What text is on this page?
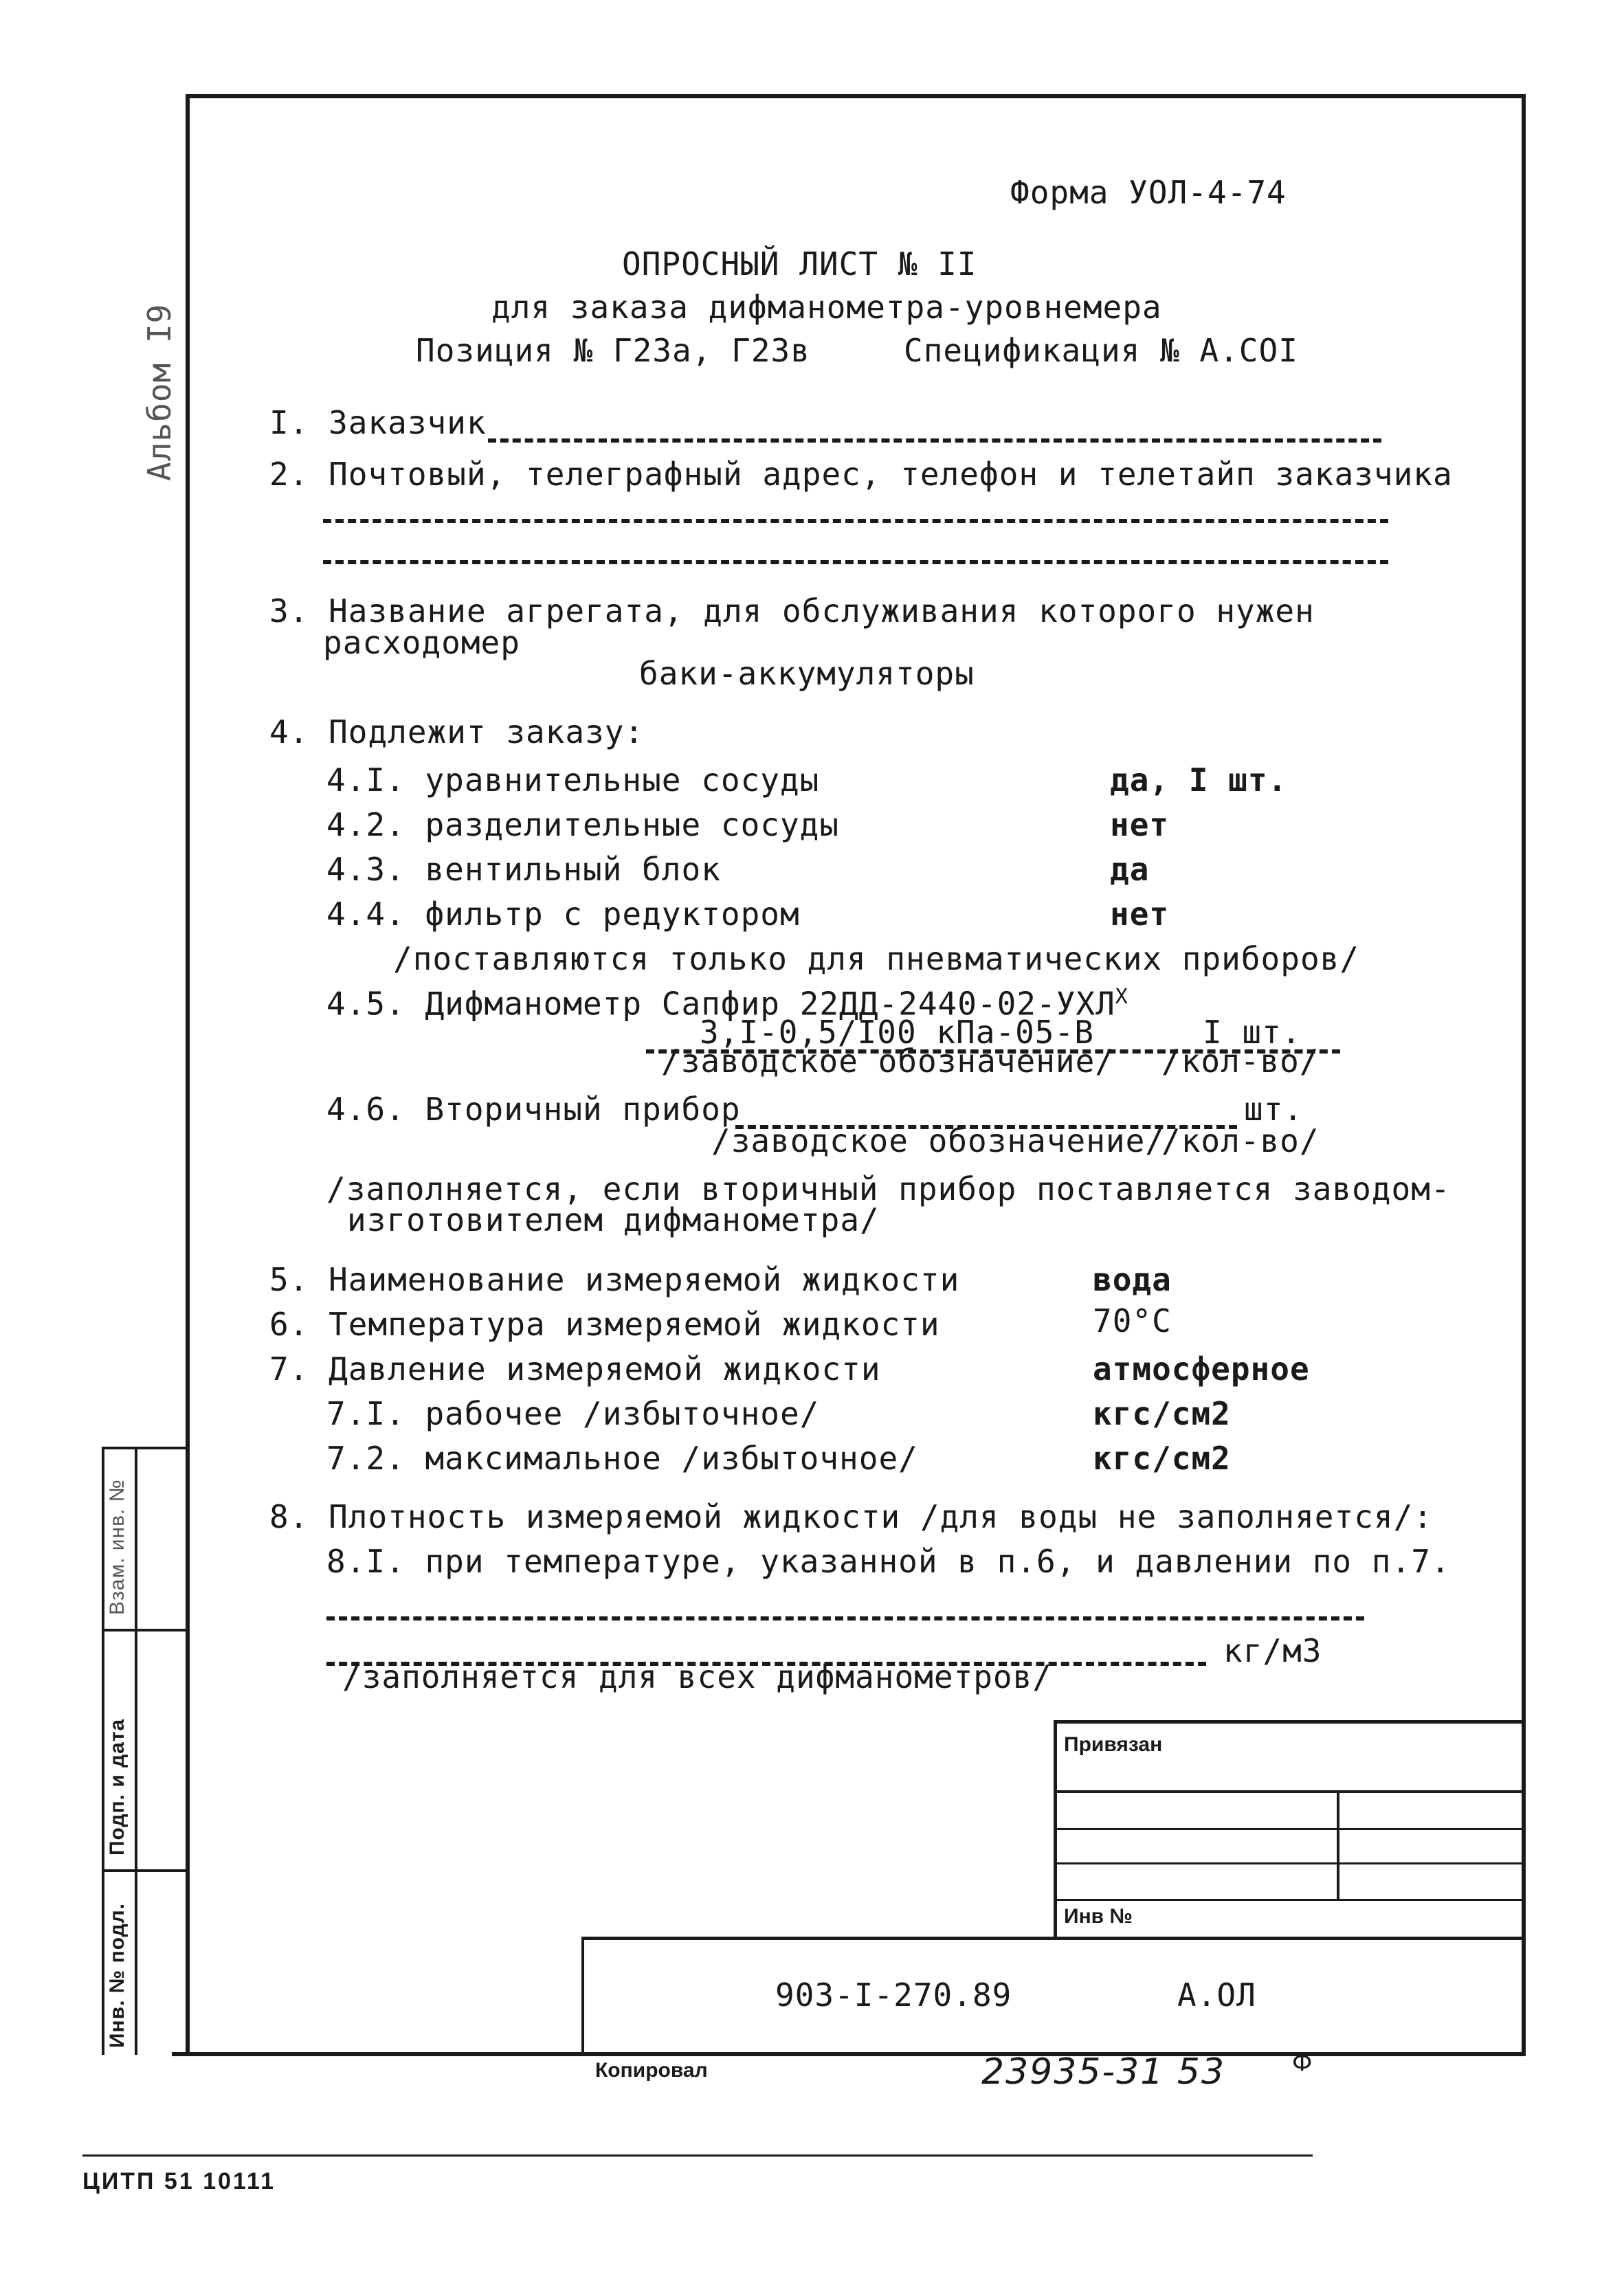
Альбом I9
Взам. инв. №
Подп. и дата
Инв. № подл.
Форма УОЛ-4-74
ОПРОСНЫЙ ЛИСТ № II
для заказа дифманометра-уровнемера
Позиция № Г23а, Г23в	Спецификация № А.СОI
I. Заказчик
2. Почтовый, телеграфный адрес, телефон и телетайп заказчика
3. Название агрегата, для обслуживания которого нужен
расходомер
баки-аккумуляторы
4. Подлежит заказу:
4.I. уравнительные сосуды	да, I шт.
4.2. разделительные сосуды	нет
4.3. вентильный блок	да
4.4. фильтр с редуктором	нет
/поставляются только для пневматических приборов/
4.5. Дифманометр Сапфир $22ДД-2440-02-УХЛ^X$
3,I-0,5/I00 кПа-05-В	I шт.
/заводское обозначение/ /кол-во/
4.6. Вторичный прибор	шт.
/заводское обозначение/
/кол-во/
/заполняется, если вторичный прибор поставляется заводом-
изготовителем дифманометра/
5. Наименование измеряемой жидкости	вода
6. Температура измеряемой жидкости	70°С
7. Давление измеряемой жидкости	атмосферное
7.I. рабочее /избыточное/	кгс/см2
7.2. максимальное /избыточное/	кгс/см2
8. Плотность измеряемой жидкости /для воды не заполняется/:
8.I. при температуре, указанной в п.6, и давлении по п.7.
кг/м3
/заполняется для всех дифманометров/
Привязан
Инв №
903-I-270.89	А.ОЛ
Копировал	23935-31 53	Ф
ЦИТП 51 10111
